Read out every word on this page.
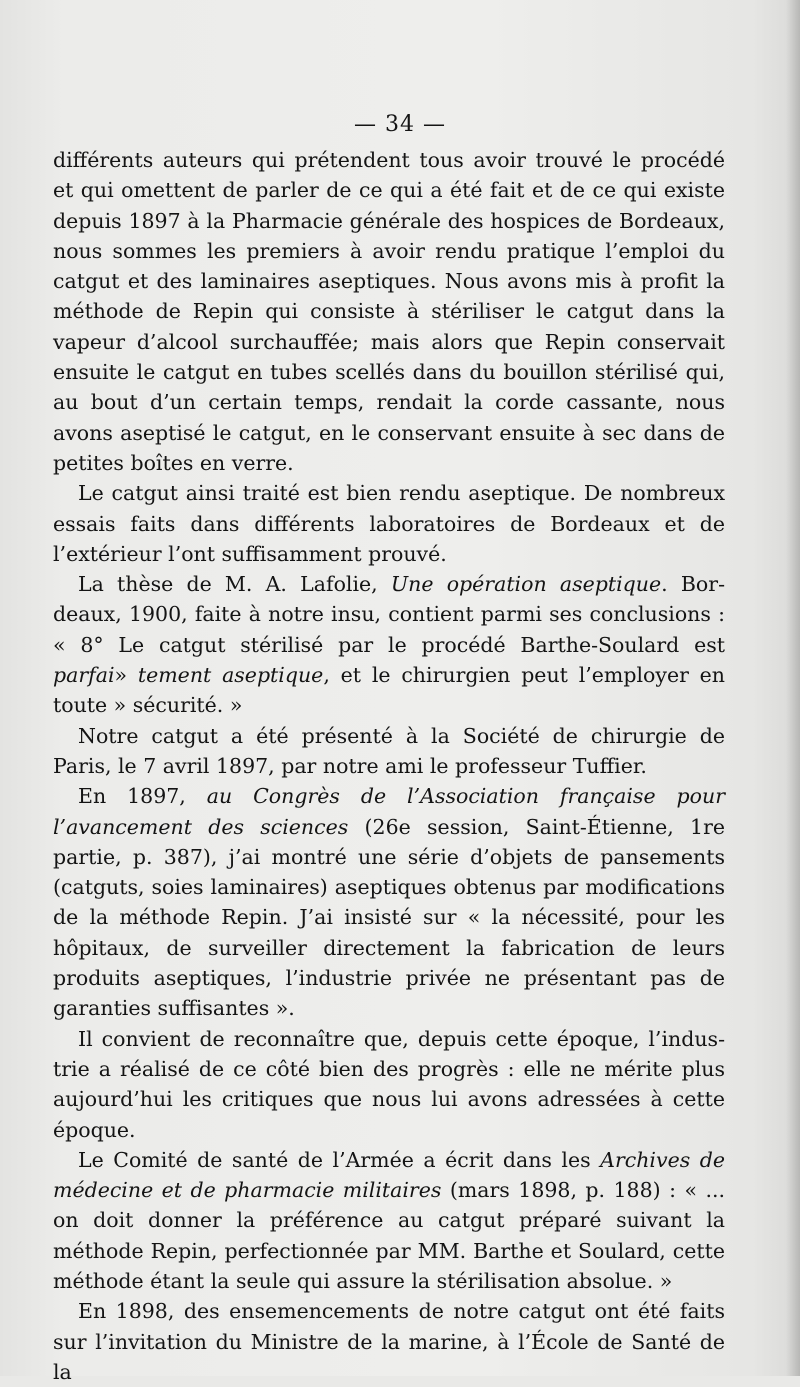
— 34 —

différents auteurs qui prétendent tous avoir trouvé le procédé et qui omettent de parler de ce qui a été fait et de ce qui existe depuis 1897 à la Pharmacie générale des hospices de Bordeaux, nous sommes les premiers à avoir rendu pratique l’emploi du catgut et des laminaires aseptiques. Nous avons mis à profit la méthode de Repin qui consiste à stériliser le catgut dans la vapeur d’alcool surchauffée; mais alors que Repin conservait ensuite le catgut en tubes scellés dans du bouillon stérilisé qui, au bout d’un certain temps, rendait la corde cassante, nous avons aseptisé le catgut, en le conservant ensuite à sec dans de petites boîtes en verre.

Le catgut ainsi traité est bien rendu aseptique. De nombreux essais faits dans différents laboratoires de Bordeaux et de l’extérieur l’ont suffisamment prouvé.

La thèse de M. A. Lafolie, Une opération aseptique. Bordeaux, 1900, faite à notre insu, contient parmi ses conclusions : « 8° Le catgut stérilisé par le procédé Barthe-Soulard est parfai» tement aseptique, et le chirurgien peut l’employer en toute » sécurité. »

Notre catgut a été présenté à la Société de chirurgie de Paris, le 7 avril 1897, par notre ami le professeur Tuffier.

En 1897, au Congrès de l’Association française pour l’avancement des sciences (26e session, Saint-Étienne, 1re partie, p. 387), j’ai montré une série d’objets de pansements (catguts, soies laminaires) aseptiques obtenus par modifications de la méthode Repin. J’ai insisté sur « la nécessité, pour les hôpitaux, de surveiller directement la fabrication de leurs produits aseptiques, l’industrie privée ne présentant pas de garanties suffisantes ».

Il convient de reconnaître que, depuis cette époque, l’industrie a réalisé de ce côté bien des progrès : elle ne mérite plus aujourd’hui les critiques que nous lui avons adressées à cette époque.

Le Comité de santé de l’Armée a écrit dans les Archives de médecine et de pharmacie militaires (mars 1898, p. 188) : « ... on doit donner la préférence au catgut préparé suivant la méthode Repin, perfectionnée par MM. Barthe et Soulard, cette méthode étant la seule qui assure la stérilisation absolue. »

En 1898, des ensemencements de notre catgut ont été faits sur l’invitation du Ministre de la marine, à l’École de Santé de la
